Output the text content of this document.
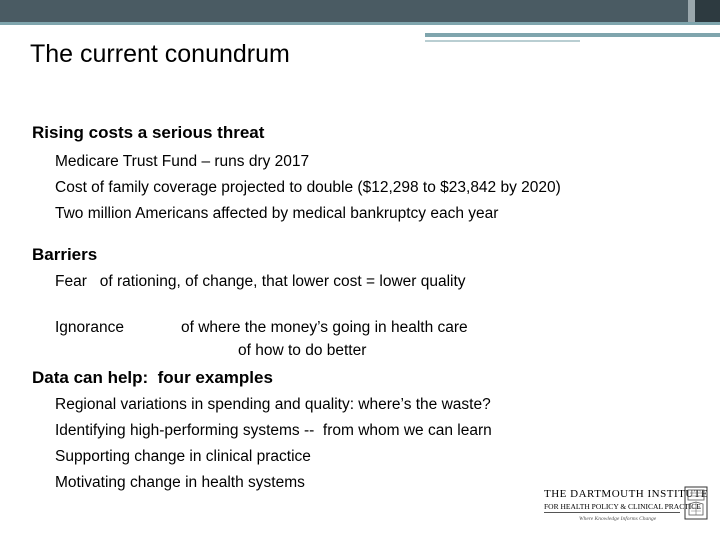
The current conundrum
Rising costs a serious threat
Medicare Trust Fund – runs dry 2017
Cost of family coverage projected to double ($12,298 to $23,842 by 2020)
Two million Americans affected by medical bankruptcy each year
Barriers
Fear   of rationing, of change, that lower cost = lower quality
Ignorance	of where the money’s going in health care
of how to do better
Data can help:  four examples
Regional variations in spending and quality: where’s the waste?
Identifying high-performing systems --  from whom we can learn
Supporting change in clinical practice
Motivating change in health systems
THE DARTMOUTH INSTITUTE
FOR HEALTH POLICY & CLINICAL PRACTICE
Where Knowledge Informs Change
